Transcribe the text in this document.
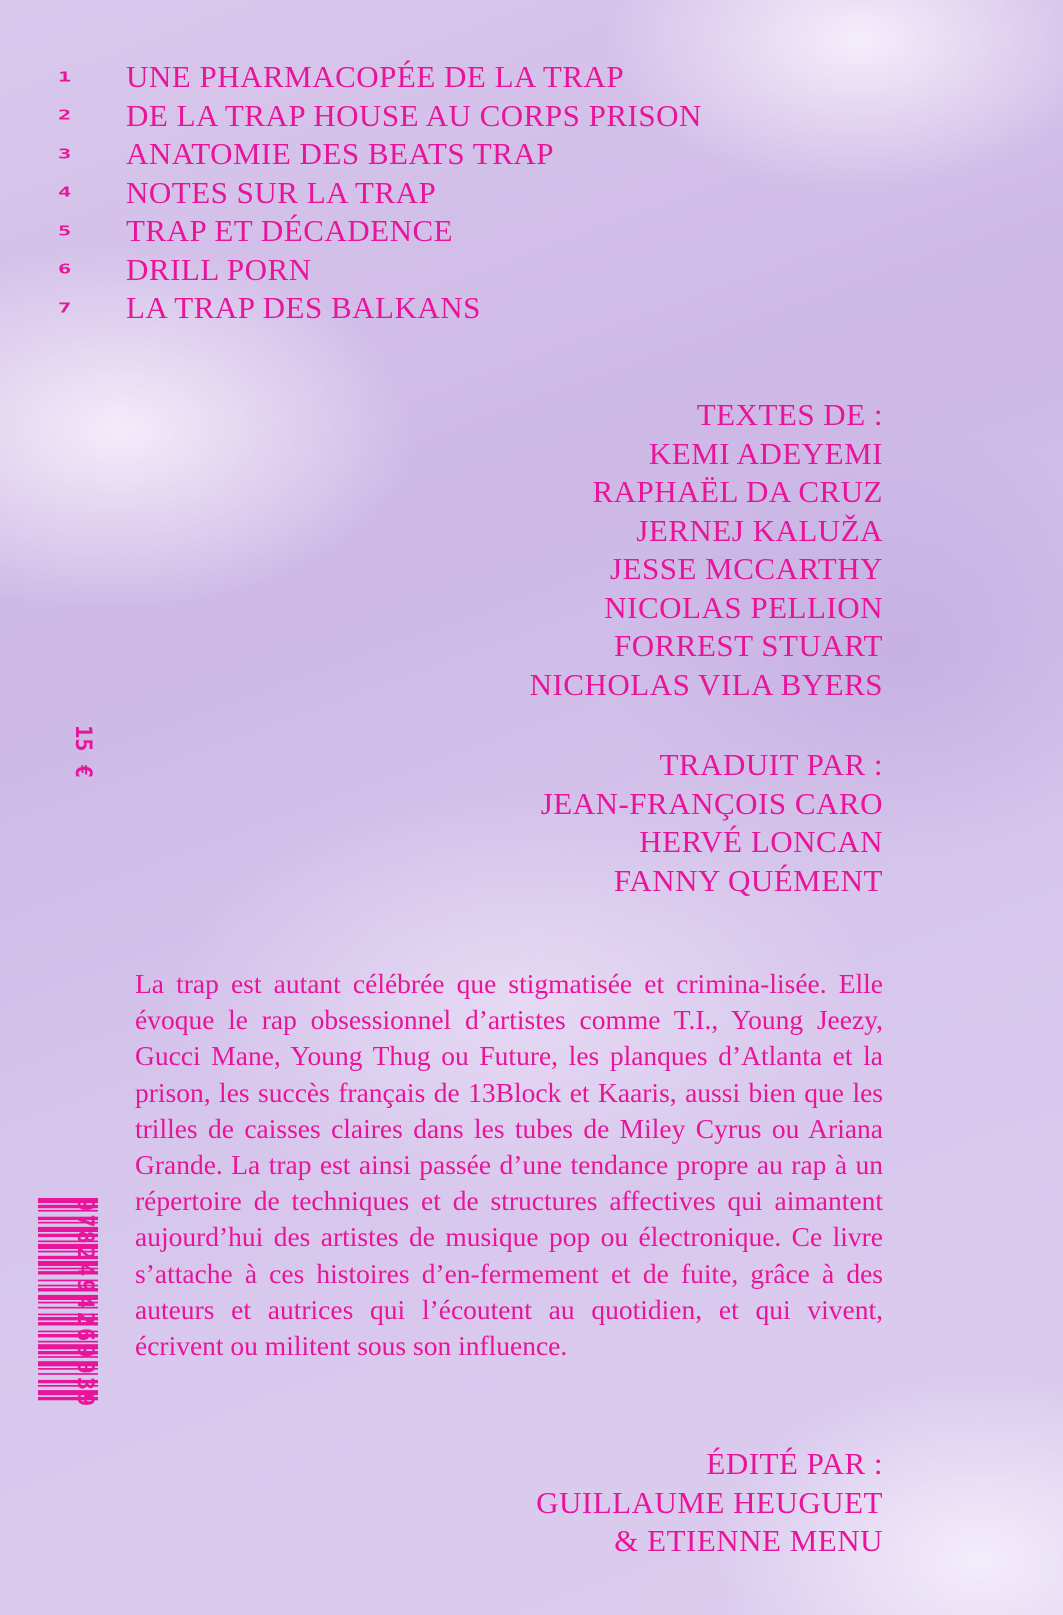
1	UNE PHARMACOPÉE DE LA TRAP
2	DE LA TRAP HOUSE AU CORPS PRISON
3	ANATOMIE DES BEATS TRAP
4	NOTES SUR LA TRAP
5	TRAP ET DÉCADENCE
6	DRILL PORN
7	LA TRAP DES BALKANS
TEXTES DE :
KEMI ADEYEMI
RAPHAËL DA CRUZ
JERNEJ KALUŽA
JESSE MCCARTHY
NICOLAS PELLION
FORREST STUART
NICHOLAS VILA BYERS
15 €	TRADUIT PAR :
JEAN-FRANÇOIS CARO
HERVÉ LONCAN
FANNY QUÉMENT

La trap est autant célébrée que stigmatisée et crimina-lisée. Elle évoque le rap obsessionnel d’artistes comme T.I., Young Jeezy, Gucci Mane, Young Thug ou Future, les planques d’Atlanta et la prison, les succès français de 13Block et Kaaris, aussi bien que les trilles de caisses claires dans les tubes de Miley Cyrus ou Ariana Grande. La trap est ainsi passée d’une tendance propre au rap à un répertoire de techniques et de structures affectives qui aimantent aujourd’hui des artistes de musique pop ou électronique. Ce livre s’attache à ces histoires d’en-fermement et de fuite, grâce à des auteurs et autrices qui l’écoutent au quotidien, et qui vivent, écrivent ou militent sous son influence.

ÉDITÉ PAR :
GUILLAUME HEUGUET
& ETIENNE MENU
9782494269039
